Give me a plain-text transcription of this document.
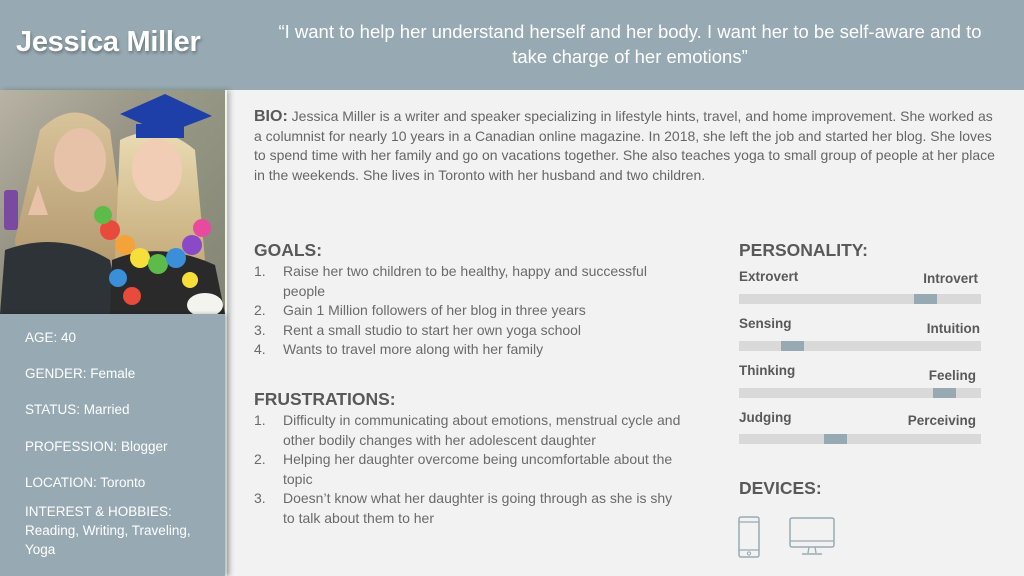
Jessica Miller	“I want to help her understand herself and her body. I want her to be self-aware and to take charge of her emotions”
AGE: 40
GENDER: Female
STATUS: Married
PROFESSION: Blogger
LOCATION: Toronto
INTEREST & HOBBIES:
Reading, Writing, Traveling, Yoga
BIO: Jessica Miller is a writer and speaker specializing in lifestyle hints, travel, and home improvement. She worked as a columnist for nearly 10 years in a Canadian online magazine. In 2018, she left the job and started her blog. She loves to spend time with her family and go on vacations together. She also teaches yoga to small group of people at her place in the weekends. She lives in Toronto with her husband and two children.
GOALS:
1. Raise her two children to be healthy, happy and successful people
2. Gain 1 Million followers of her blog in three years
3. Rent a small studio to start her own yoga school
4. Wants to travel more along with her family
FRUSTRATIONS:
1. Difficulty in communicating about emotions, menstrual cycle and other bodily changes with her adolescent daughter
2. Helping her daughter overcome being uncomfortable about the topic
3. Doesn’t know what her daughter is going through as she is shy to talk about them to her
PERSONALITY:
Extrovert	Introvert
Sensing	Intuition
Thinking	Feeling
Judging	Perceiving
DEVICES:
